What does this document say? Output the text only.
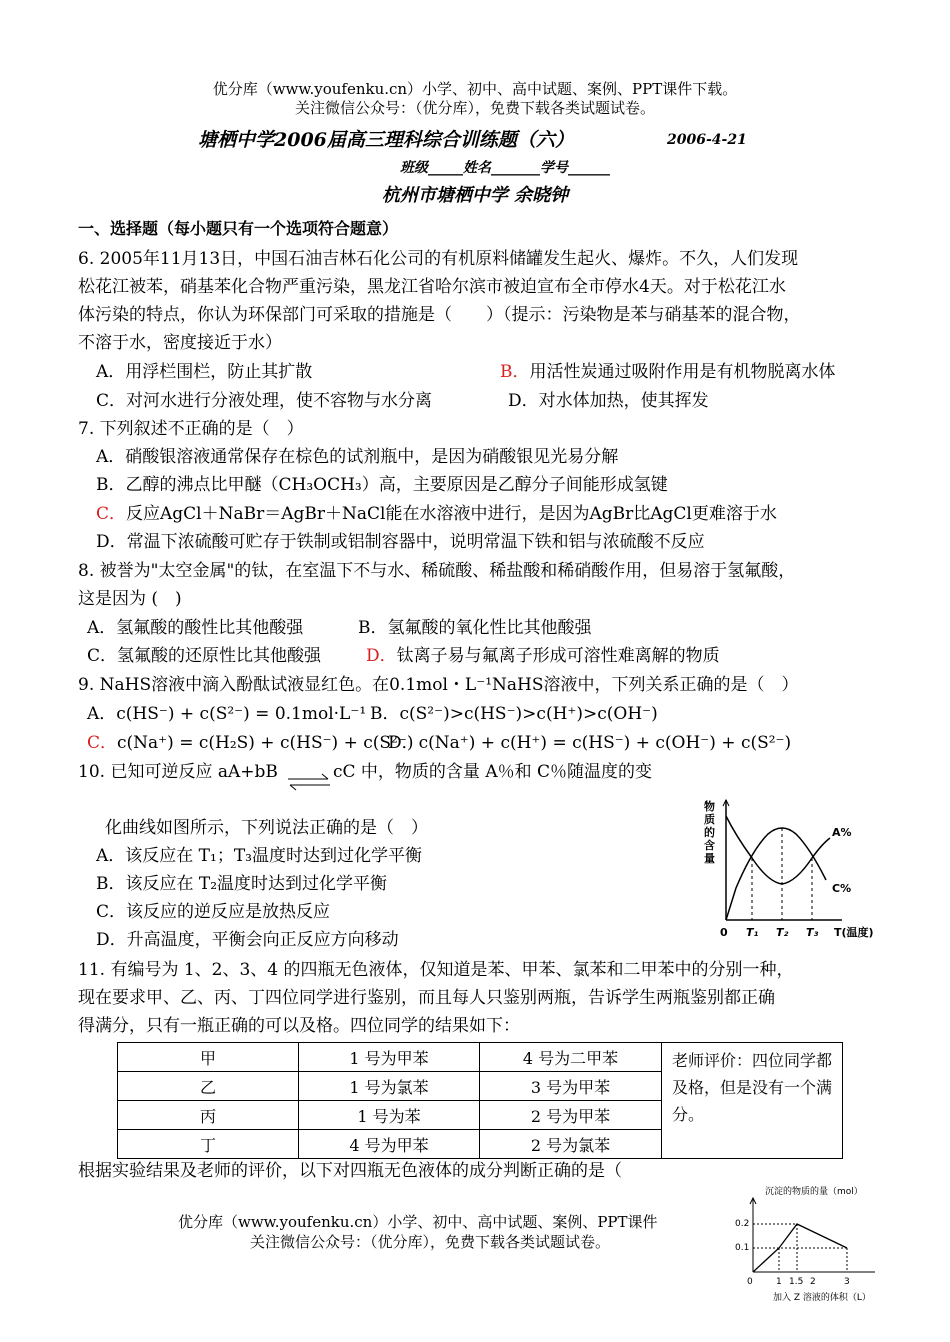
优分库（www.youfenku.cn）小学、初中、高中试题、案例、PPT课件下载。
关注微信公众号：（优分库），免费下载各类试题试卷。
塘栖中学2006届高三理科综合训练题（六）	2006-4-21
班级_____姓名_______学号______
杭州市塘栖中学 余晓钟
一、选择题（每小题只有一个选项符合题意）
6. 2005年11月13日，中国石油吉林石化公司的有机原料储罐发生起火、爆炸。不久，人们发现
松花江被苯，硝基苯化合物严重污染，黑龙江省哈尔滨市被迫宣布全市停水4天。对于松花江水
体污染的特点，你认为环保部门可采取的措施是（　　）（提示：污染物是苯与硝基苯的混合物，
不溶于水，密度接近于水）
A．用浮栏围栏，防止其扩散	B．用活性炭通过吸附作用是有机物脱离水体
C．对河水进行分液处理，使不容物与水分离	D．对水体加热，使其挥发
7. 下列叙述不正确的是（　）
A．硝酸银溶液通常保存在棕色的试剂瓶中，是因为硝酸银见光易分解
B．乙醇的沸点比甲醚（CH₃OCH₃）高，主要原因是乙醇分子间能形成氢键
C．反应AgCl＋NaBr＝AgBr＋NaCl能在水溶液中进行，是因为AgBr比AgCl更难溶于水
D．常温下浓硫酸可贮存于铁制或铝制容器中，说明常温下铁和铝与浓硫酸不反应
8. 被誉为"太空金属"的钛，在室温下不与水、稀硫酸、稀盐酸和稀硝酸作用，但易溶于氢氟酸，
这是因为 (　)
A．氢氟酸的酸性比其他酸强	B．氢氟酸的氧化性比其他酸强
C．氢氟酸的还原性比其他酸强	D．钛离子易与氟离子形成可溶性难离解的物质
9. NaHS溶液中滴入酚酞试液显红色。在0.1mol・L⁻¹NaHS溶液中，下列关系正确的是（　）
A．c(HS⁻) + c(S²⁻) = 0.1mol·L⁻¹ B．c(S²⁻)>c(HS⁻)>c(H⁺)>c(OH⁻)
C．c(Na⁺) = c(H₂S) + c(HS⁻) + c(S²⁻)
D．c(Na⁺) + c(H⁺) = c(HS⁻) + c(OH⁻) + c(S²⁻)
10. 已知可逆反应 aA+bB ⇌ cC 中，物质的含量 A％和 C％随温度的变
化曲线如图所示，下列说法正确的是（　）
A．该反应在 T₁；T₃温度时达到过化学平衡
B．该反应在 T₂温度时达到过化学平衡
C．该反应的逆反应是放热反应
D．升高温度，平衡会向正反应方向移动
物
质
的
含
量
A%
C%
0 T₁ T₂ T₃ T(温度)
11. 有编号为 1、2、3、4 的四瓶无色液体，仅知道是苯、甲苯、氯苯和二甲苯中的分别一种，
现在要求甲、乙、丙、丁四位同学进行鉴别，而且每人只鉴别两瓶，告诉学生两瓶鉴别都正确
得满分，只有一瓶正确的可以及格。四位同学的结果如下：
甲	1 号为甲苯	4 号为二甲苯	老师评价：四位同学都及格，但是没有一个满分。
乙	1 号为氯苯	3 号为甲苯	
丙	1 号为苯	2 号为甲苯	
丁	4 号为甲苯	2 号为氯苯	
根据实验结果及老师的评价，以下对四瓶无色液体的成分判断正确的是（
优分库（www.youfenku.cn）小学、初中、高中试题、案例、PPT课件
关注微信公众号：（优分库），免费下载各类试题试卷。
沉淀的物质的量（mol）
0.2
0.1
0	1 1.5 2	3
加入 Z 溶液的体积（L）
